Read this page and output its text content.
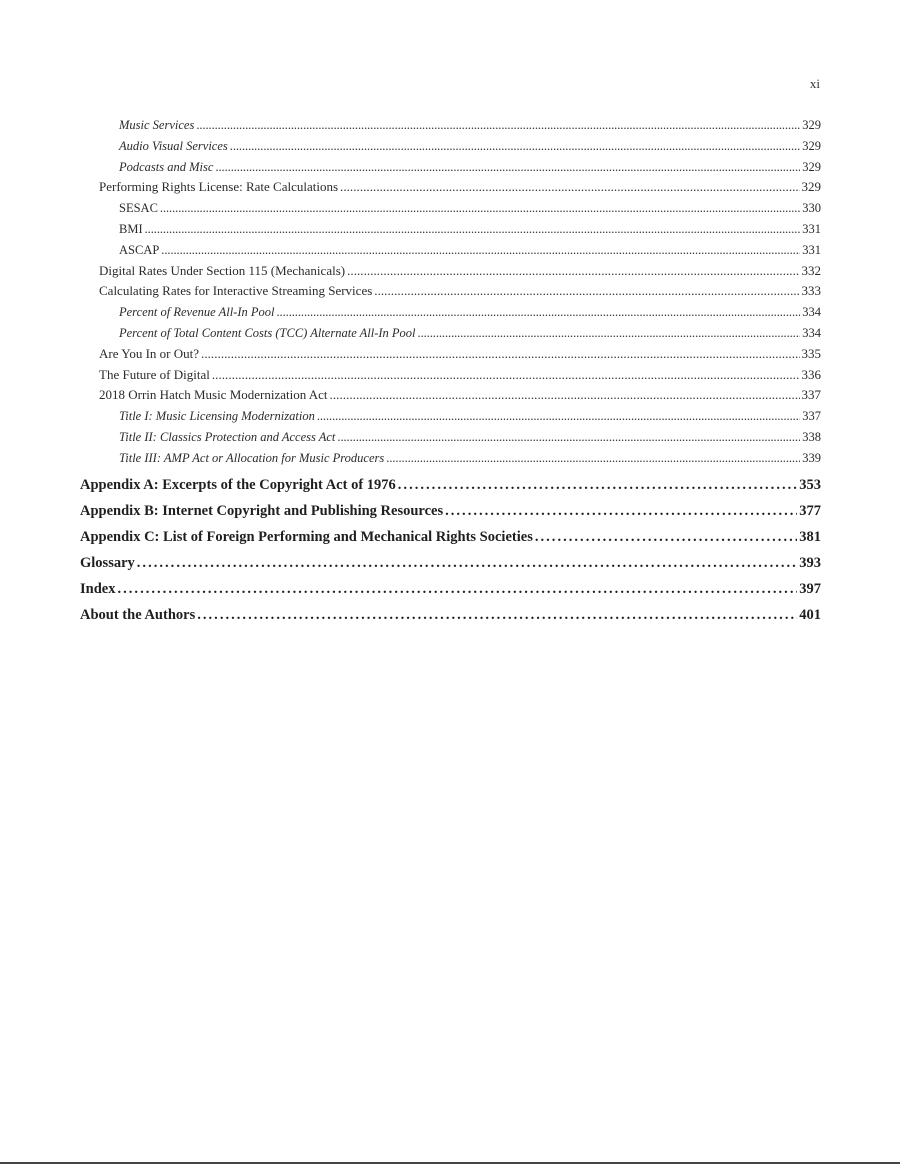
xi
Music Services . . .	329
Audio Visual Services . . .	329
Podcasts and Misc . . .	329
Performing Rights License: Rate Calculations . . .	329
SESAC . . .	330
BMI . . .	331
ASCAP . . .	331
Digital Rates Under Section 115 (Mechanicals) . . .	332
Calculating Rates for Interactive Streaming Services . . .	333
Percent of Revenue All-In Pool . . .	334
Percent of Total Content Costs (TCC) Alternate All-In Pool . . .	334
Are You In or Out? . . .	335
The Future of Digital . . .	336
2018 Orrin Hatch Music Modernization Act . . .	337
Title I: Music Licensing Modernization . . .	337
Title II: Classics Protection and Access Act . . .	338
Title III: AMP Act or Allocation for Music Producers . . .	339
Appendix A: Excerpts of the Copyright Act of 1976 . . .	353
Appendix B: Internet Copyright and Publishing Resources . . .	377
Appendix C: List of Foreign Performing and Mechanical Rights Societies . . .	381
Glossary . . .	393
Index . . .	397
About the Authors . . .	401
